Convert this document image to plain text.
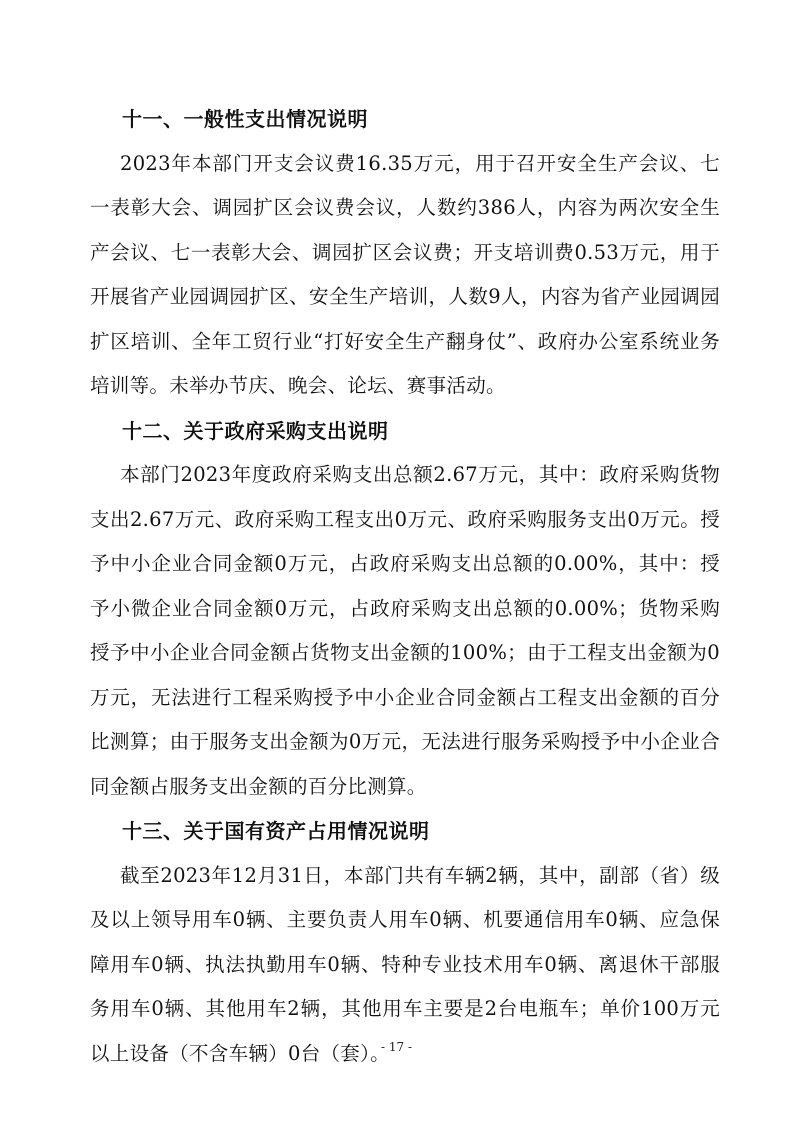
十一、一般性支出情况说明

2023年本部门开支会议费16.35万元，用于召开安全生产会议、七一表彰大会、调园扩区会议费会议，人数约386人，内容为两次安全生产会议、七一表彰大会、调园扩区会议费；开支培训费0.53万元，用于开展省产业园调园扩区、安全生产培训，人数9人，内容为省产业园调园扩区培训、全年工贸行业“打好安全生产翻身仗”、政府办公室系统业务培训等。未举办节庆、晚会、论坛、赛事活动。

十二、关于政府采购支出说明

本部门2023年度政府采购支出总额2.67万元，其中：政府采购货物支出2.67万元、政府采购工程支出0万元、政府采购服务支出0万元。授予中小企业合同金额0万元，占政府采购支出总额的0.00%，其中：授予小微企业合同金额0万元，占政府采购支出总额的0.00%；货物采购授予中小企业合同金额占货物支出金额的100%；由于工程支出金额为0万元，无法进行工程采购授予中小企业合同金额占工程支出金额的百分比测算；由于服务支出金额为0万元，无法进行服务采购授予中小企业合同金额占服务支出金额的百分比测算。

十三、关于国有资产占用情况说明

截至2023年12月31日，本部门共有车辆2辆，其中，副部（省）级及以上领导用车0辆、主要负责人用车0辆、机要通信用车0辆、应急保障用车0辆、执法执勤用车0辆、特种专业技术用车0辆、离退休干部服务用车0辆、其他用车2辆，其他用车主要是2台电瓶车；单价100万元以上设备（不含车辆）0台（套）。

- 17 -
